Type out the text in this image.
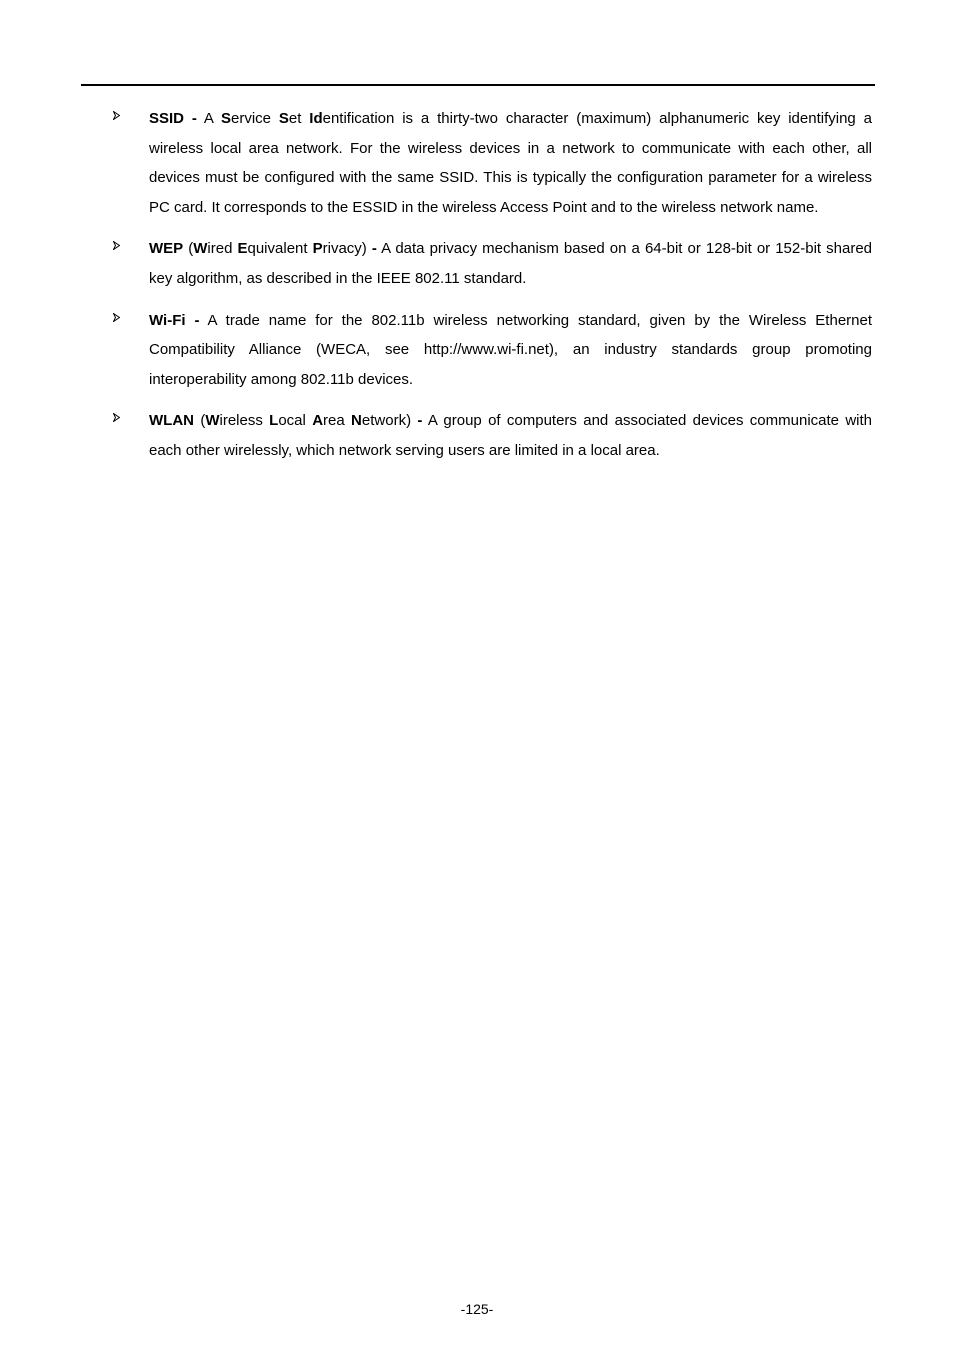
SSID - A Service Set Identification is a thirty-two character (maximum) alphanumeric key identifying a wireless local area network. For the wireless devices in a network to communicate with each other, all devices must be configured with the same SSID. This is typically the configuration parameter for a wireless PC card. It corresponds to the ESSID in the wireless Access Point and to the wireless network name.
WEP (Wired Equivalent Privacy) - A data privacy mechanism based on a 64-bit or 128-bit or 152-bit shared key algorithm, as described in the IEEE 802.11 standard.
Wi-Fi - A trade name for the 802.11b wireless networking standard, given by the Wireless Ethernet Compatibility Alliance (WECA, see http://www.wi-fi.net), an industry standards group promoting interoperability among 802.11b devices.
WLAN (Wireless Local Area Network) - A group of computers and associated devices communicate with each other wirelessly, which network serving users are limited in a local area.
-125-
